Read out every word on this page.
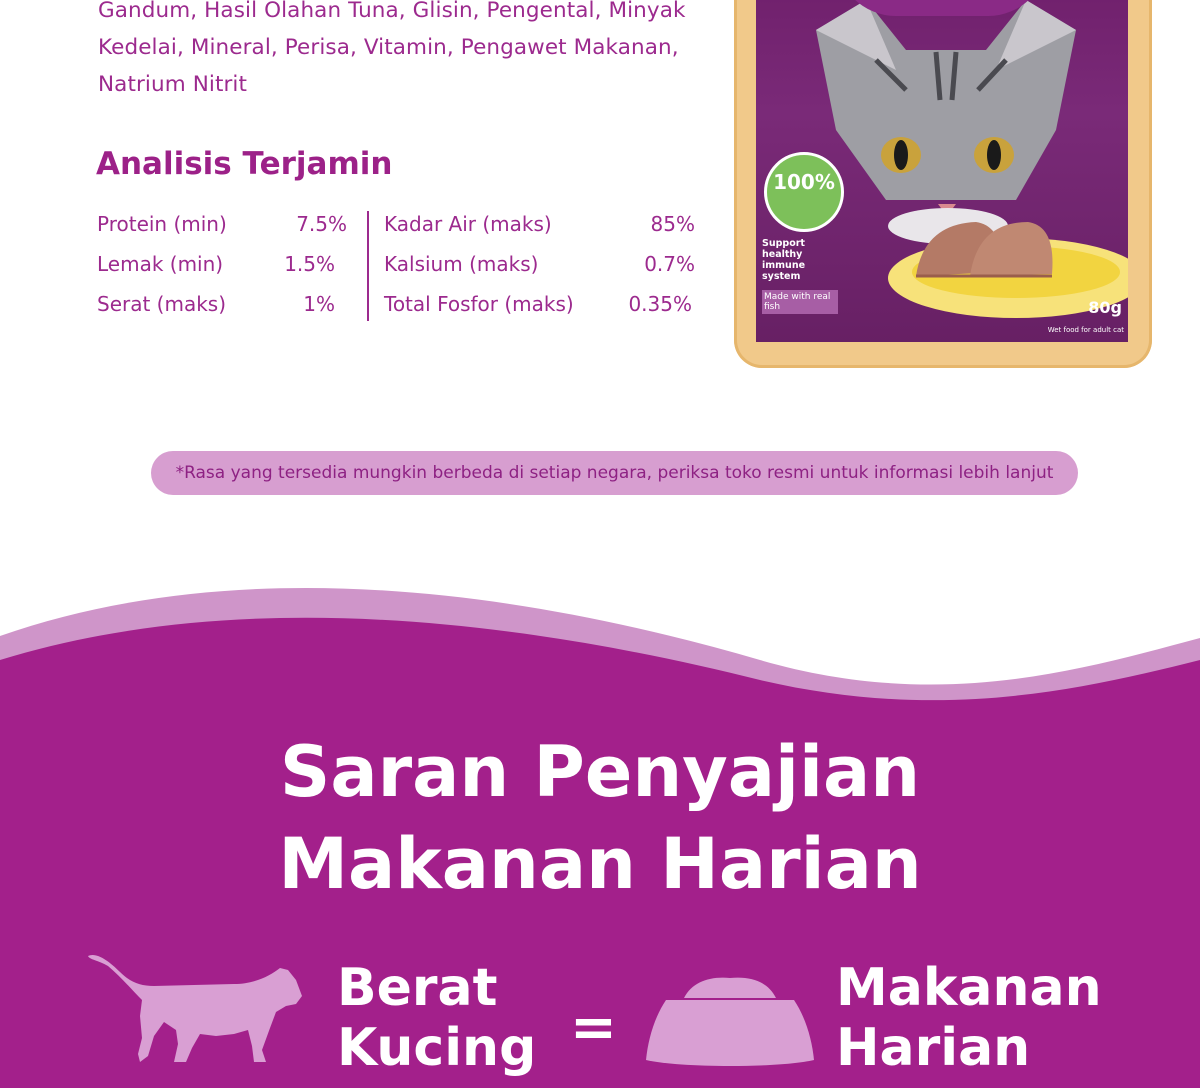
Gandum, Hasil Olahan Tuna, Glisin, Pengental, Minyak Kedelai, Mineral, Perisa, Vitamin, Pengawet Makanan, Natrium Nitrit
Analisis Terjamin
Protein (min)	7.5%
Lemak (min)	1.5%
Serat (maks)	1%
Kadar Air (maks)	85%
Kalsium (maks)	0.7%
Total Fosfor (maks)	0.35%
100%
Support healthy immune system
Made with real fish	80g
Wet food for adult cat
*Rasa yang tersedia mungkin berbeda di setiap negara, periksa toko resmi untuk informasi lebih lanjut
Saran Penyajian
Makanan Harian
Berat
Kucing =
Makanan
Harian
